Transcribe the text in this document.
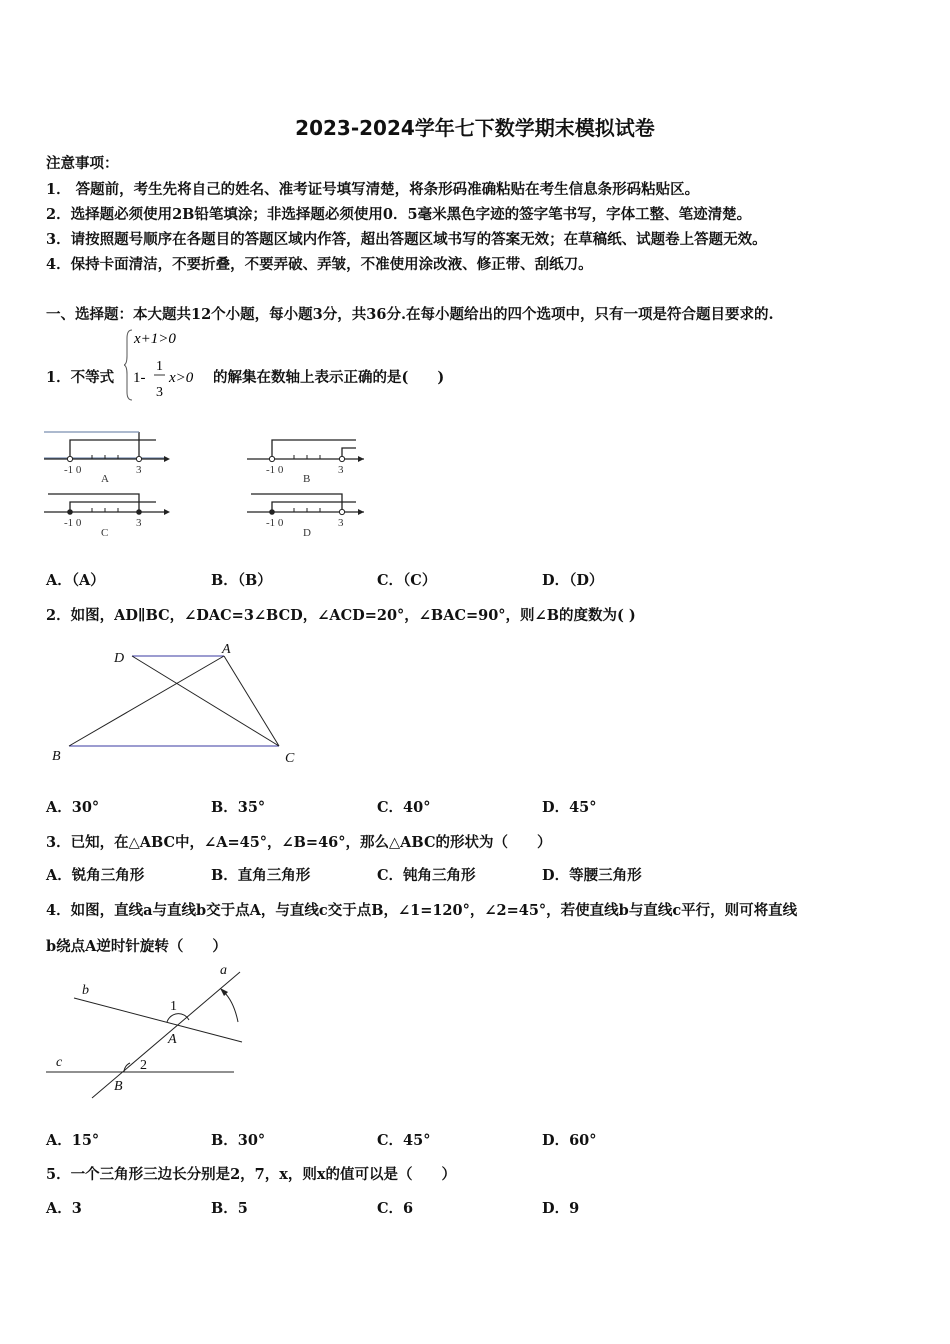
2023-2024学年七下数学期末模拟试卷
注意事项：
1． 答题前，考生先将自己的姓名、准考证号填写清楚，将条形码准确粘贴在考生信息条形码粘贴区。
2．选择题必须使用2B铅笔填涂；非选择题必须使用0．5毫米黑色字迹的签字笔书写，字体工整、笔迹清楚。
3．请按照题号顺序在各题目的答题区域内作答，超出答题区域书写的答案无效；在草稿纸、试题卷上答题无效。
4．保持卡面清洁，不要折叠，不要弄破、弄皱，不准使用涂改液、修正带、刮纸刀。
一、选择题：本大题共12个小题，每小题3分，共36分.在每小题给出的四个选项中，只有一项是符合题目要求的.
1．不等式
x+1>0
1-
1
3
x>0 的解集在数轴上表示正确的是(　　)
-1 0	3
A
-1 0	3
B
-1 0	3
C
-1 0	3
D
A．（A）	B．（B）	C．（C）	D．（D）
2．如图，AD∥BC，∠DAC=3∠BCD，∠ACD=20°，∠BAC=90°，则∠B的度数为( )
D
A
B	C
A．30°	B．35°	C．40°	D．45°
3．已知，在△ABC中，∠A=45°，∠B=46°，那么△ABC的形状为（　　）
A．锐角三角形	B．直角三角形	C．钝角三角形	D．等腰三角形
4．如图，直线a与直线b交于点A，与直线c交于点B，∠1=120°，∠2=45°，若使直线b与直线c平行，则可将直线
b绕点A逆时针旋转（　　）
a
b
c
A
B
1
2
A．15°	B．30°	C．45°	D．60°
5．一个三角形三边长分别是2，7，x，则x的值可以是（　　）
A．3	B．5	C．6	D．9
